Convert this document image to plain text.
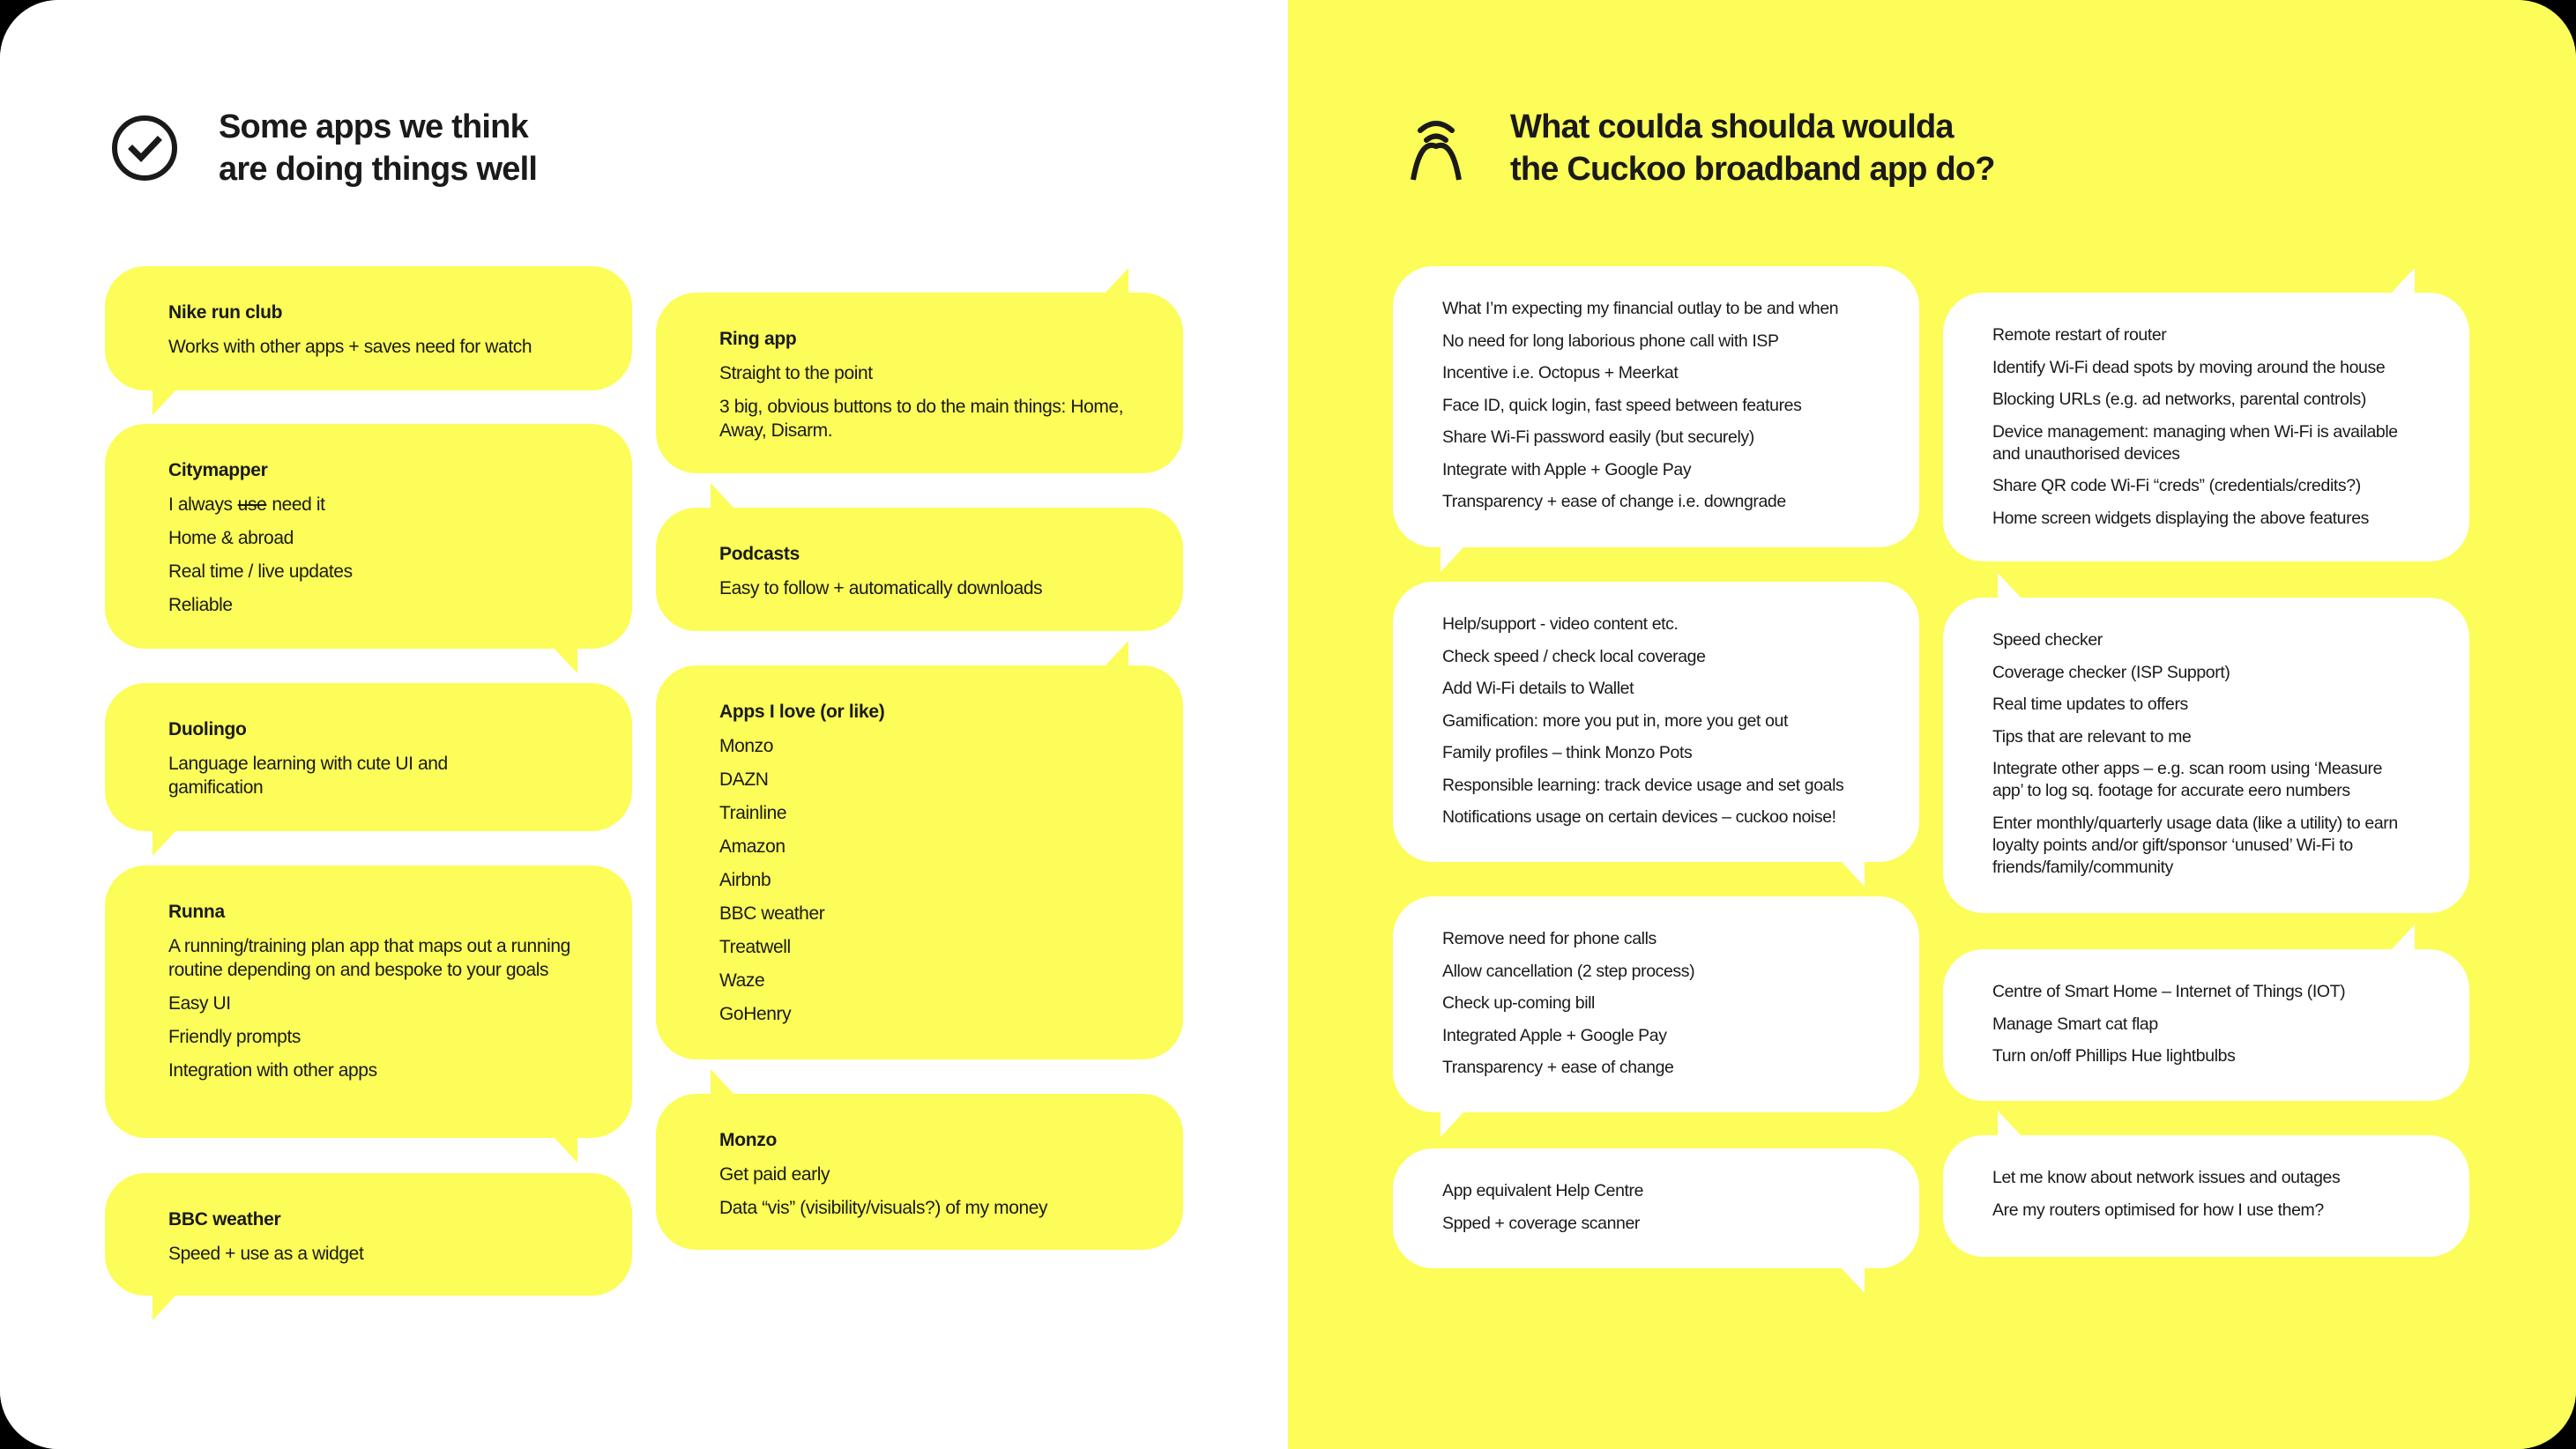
Some apps we think
are doing things well
Nike run club
Works with other apps + saves need for watch
Citymapper
I always use need it
Home & abroad
Real time / live updates
Reliable
Duolingo
Language learning with cute UI and gamification
Runna
A running/training plan app that maps out a running routine depending on and bespoke to your goals
Easy UI
Friendly prompts
Integration with other apps
BBC weather
Speed + use as a widget
Ring app
Straight to the point
3 big, obvious buttons to do the main things: Home, Away, Disarm.
Podcasts
Easy to follow + automatically downloads
Apps I love (or like)
Monzo
DAZN
Trainline
Amazon
Airbnb
BBC weather
Treatwell
Waze
GoHenry
Monzo
Get paid early
Data “vis” (visibility/visuals?) of my money
What coulda shoulda woulda
the Cuckoo broadband app do?
What I’m expecting my financial outlay to be and when
No need for long laborious phone call with ISP
Incentive i.e. Octopus + Meerkat
Face ID, quick login, fast speed between features
Share Wi-Fi password easily (but securely)
Integrate with Apple + Google Pay
Transparency + ease of change i.e. downgrade
Help/support - video content etc.
Check speed / check local coverage
Add Wi-Fi details to Wallet
Gamification: more you put in, more you get out
Family profiles – think Monzo Pots
Responsible learning: track device usage and set goals
Notifications usage on certain devices – cuckoo noise!
Remove need for phone calls
Allow cancellation (2 step process)
Check up-coming bill
Integrated Apple + Google Pay
Transparency + ease of change
App equivalent Help Centre
Spped + coverage scanner
Remote restart of router
Identify Wi-Fi dead spots by moving around the house
Blocking URLs (e.g. ad networks, parental controls)
Device management: managing when Wi-Fi is available and unauthorised devices
Share QR code Wi-Fi “creds” (credentials/credits?)
Home screen widgets displaying the above features
Speed checker
Coverage checker (ISP Support)
Real time updates to offers
Tips that are relevant to me
Integrate other apps – e.g. scan room using ‘Measure app’ to log sq. footage for accurate eero numbers
Enter monthly/quarterly usage data (like a utility) to earn loyalty points and/or gift/sponsor ‘unused’ Wi-Fi to friends/family/community
Centre of Smart Home – Internet of Things (IOT)
Manage Smart cat flap
Turn on/off Phillips Hue lightbulbs
Let me know about network issues and outages
Are my routers optimised for how I use them?
